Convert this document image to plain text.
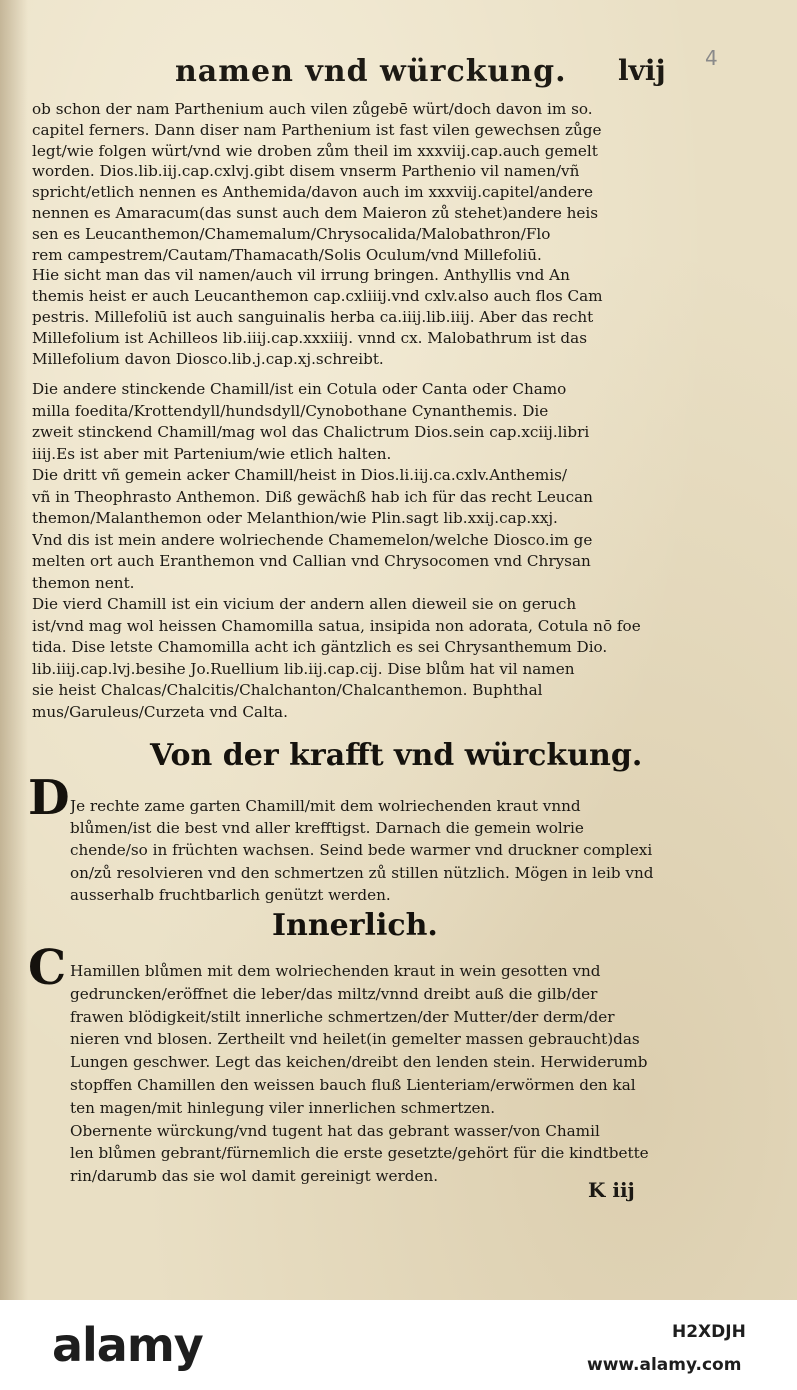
namen vnd würckung. lvij 4
ob schon der nam Parthenium auch vilen zůgebē würt/doch davon im so.
capitel ferners. Dann diser nam Parthenium ist fast vilen gewechsen zůge
legt/wie folgen würt/vnd wie droben zům theil im xxxviij.cap.auch gemelt
worden. Dios.lib.iij.cap.cxlvj.gibt disem vnserm Parthenio vil namen/vñ
spricht/etlich nennen es Anthemida/davon auch im xxxviij.capitel/andere
nennen es Amaracum(das sunst auch dem Maieron zů stehet)andere heis
sen es Leucanthemon/Chamemalum/Chrysocalida/Malobathron/Flo
rem campestrem/Cautam/Thamacath/Solis Oculum/vnd Millefoliū.
Hie sicht man das vil namen/auch vil irrung bringen. Anthyllis vnd An
themis heist er auch Leucanthemon cap.cxliiij.vnd cxlv.also auch flos Cam
pestris. Millefoliū ist auch sanguinalis herba ca.iiij.lib.iiij. Aber das recht
Millefolium ist Achilleos lib.iiij.cap.xxxiiij. vnnd cx. Malobathrum ist das
Millefolium davon Diosco.lib.j.cap.xj.schreibt.
Die andere stinckende Chamill/ist ein Cotula oder Canta oder Chamo
milla foedita/Krottendyll/hundsdyll/Cynobothane Cynanthemis. Die
zweit stinckend Chamill/mag wol das Chalictrum Dios.sein cap.xciij.libri
iiij.Es ist aber mit Partenium/wie etlich halten.
Die dritt vñ gemein acker Chamill/heist in Dios.li.iij.ca.cxlv.Anthemis/
vñ in Theophrasto Anthemon. Diß gewächß hab ich für das recht Leucan
themon/Malanthemon oder Melanthion/wie Plin.sagt lib.xxij.cap.xxj.
Vnd dis ist mein andere wolriechende Chamemelon/welche Diosco.im ge
melten ort auch Eranthemon vnd Callian vnd Chrysocomen vnd Chrysan
themon nent.
Die vierd Chamill ist ein vicium der andern allen dieweil sie on geruch
ist/vnd mag wol heissen Chamomilla satua, insipida non adorata, Cotula nō foe
tida. Dise letste Chamomilla acht ich gäntzlich es sei Chrysanthemum Dio.
lib.iiij.cap.lvj.besihe Jo.Ruellium lib.iij.cap.cij. Dise blům hat vil namen
sie heist Chalcas/Chalcitis/Chalchanton/Chalcanthemon. Buphthal
mus/Garuleus/Curzeta vnd Calta.
Von der krafft vnd würckung.
D Je rechte zame garten Chamill/mit dem wolriechenden kraut vnnd
blůmen/ist die best vnd aller krefftigst. Darnach die gemein wolrie
chende/so in früchten wachsen. Seind bede warmer vnd druckner complexi
on/zů resolvieren vnd den schmertzen zů stillen nützlich. Mögen in leib vnd
ausserhalb fruchtbarlich genützt werden.
Innerlich.
C Hamillen blůmen mit dem wolriechenden kraut in wein gesotten vnd
gedruncken/eröffnet die leber/das miltz/vnnd dreibt auß die gilb/der
frawen blödigkeit/stilt innerliche schmertzen/der Mutter/der derm/der
nieren vnd blosen. Zertheilt vnd heilet(in gemelter massen gebraucht)das
Lungen geschwer. Legt das keichen/dreibt den lenden stein. Herwiderumb
stopffen Chamillen den weissen bauch fluß Lienteriam/erwörmen den kal
ten magen/mit hinlegung viler innerlichen schmertzen.
Obernente würckung/vnd tugent hat das gebrant wasser/von Chamil
len blůmen gebrant/fürnemlich die erste gesetzte/gehört für die kindtbette
rin/darumb das sie wol damit gereinigt werden.
K iij
alamy	H2XDJH
www.alamy.com
